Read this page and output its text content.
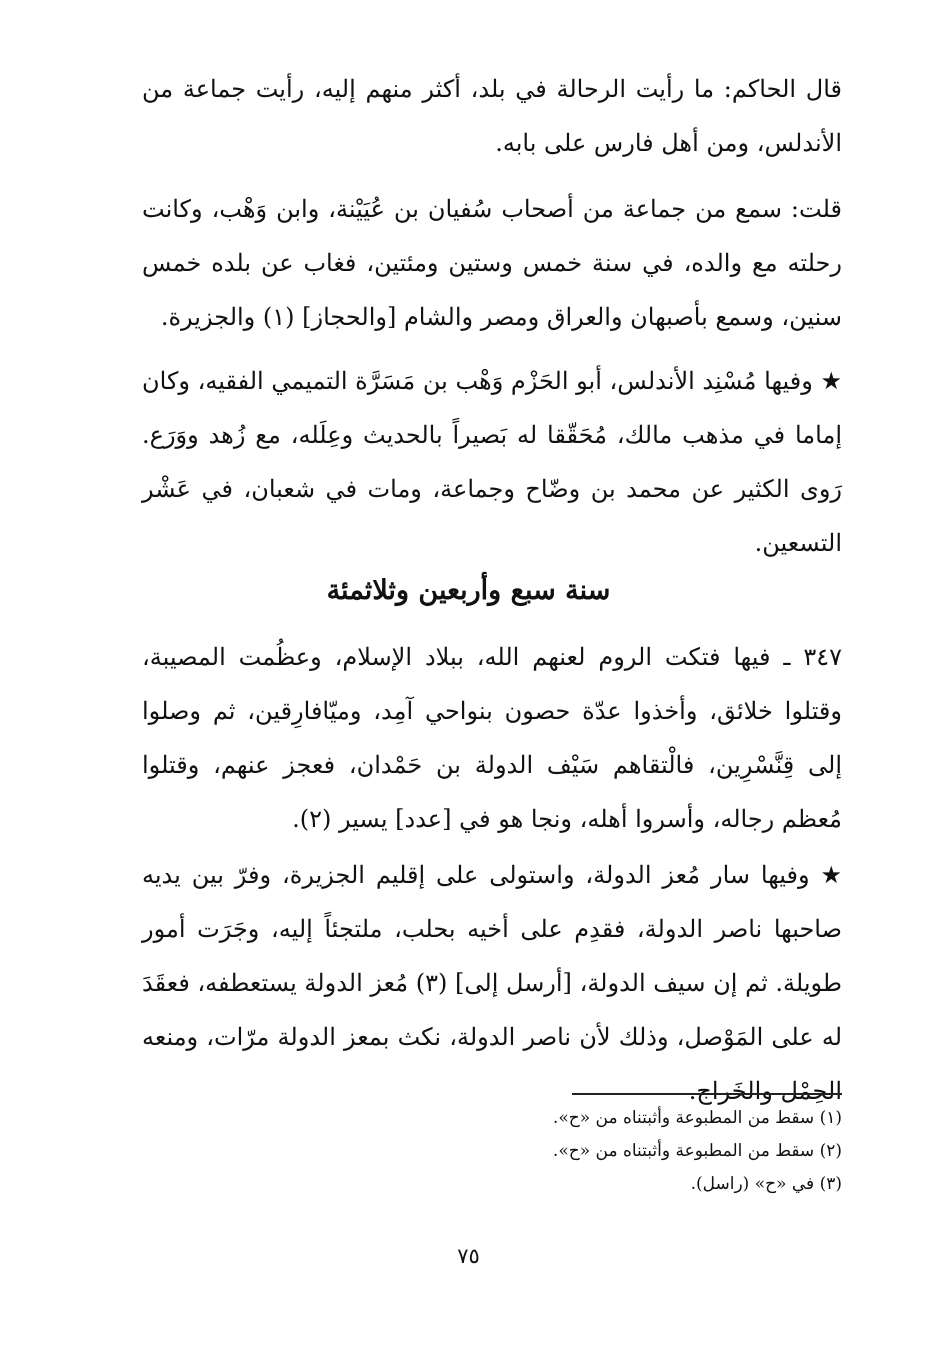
قال الحاكم: ما رأيت الرحالة في بلد، أكثر منهم إليه، رأيت جماعة من الأندلس، ومن أهل فارس على بابه.

قلت: سمع من جماعة من أصحاب سُفيان بن عُيَيْنة، وابن وَهْب، وكانت رحلته مع والده، في سنة خمس وستين ومئتين، فغاب عن بلده خمس سنين، وسمع بأصبهان والعراق ومصر والشام [والحجاز] (١) والجزيرة.

★ وفيها مُسْنِد الأندلس، أبو الحَزْم وَهْب بن مَسَرَّة التميمي الفقيه، وكان إماما في مذهب مالك، مُحَقّقا له بَصيراً بالحديث وعِلَله، مع زُهد ووَرَع. رَوى الكثير عن محمد بن وضّاح وجماعة، ومات في شعبان، في عَشْر التسعين.

سنة سبع وأربعين وثلاثمئة

٣٤٧ ـ فيها فتكت الروم لعنهم الله، ببلاد الإسلام، وعظُمت المصيبة، وقتلوا خلائق، وأخذوا عدّة حصون بنواحي آمِد، وميّافارِقين، ثم وصلوا إلى قِنَّسْرِين، فالْتقاهم سَيْف الدولة بن حَمْدان، فعجز عنهم، وقتلوا مُعظم رجاله، وأسروا أهله، ونجا هو في [عدد] يسير (٢).

★ وفيها سار مُعز الدولة، واستولى على إقليم الجزيرة، وفرّ بين يديه صاحبها ناصر الدولة، فقدِم على أخيه بحلب، ملتجئاً إليه، وجَرَت أمور طويلة. ثم إن سيف الدولة، [أرسل إلى] (٣) مُعز الدولة يستعطفه، فعقَدَ له على المَوْصل، وذلك لأن ناصر الدولة، نكث بمعز الدولة مرّات، ومنعه الحِمْل والخَراج.

(١) سقط من المطبوعة وأثبتناه من «ح».
(٢) سقط من المطبوعة وأثبتناه من «ح».
(٣) في «ح» (راسل).
٧٥
